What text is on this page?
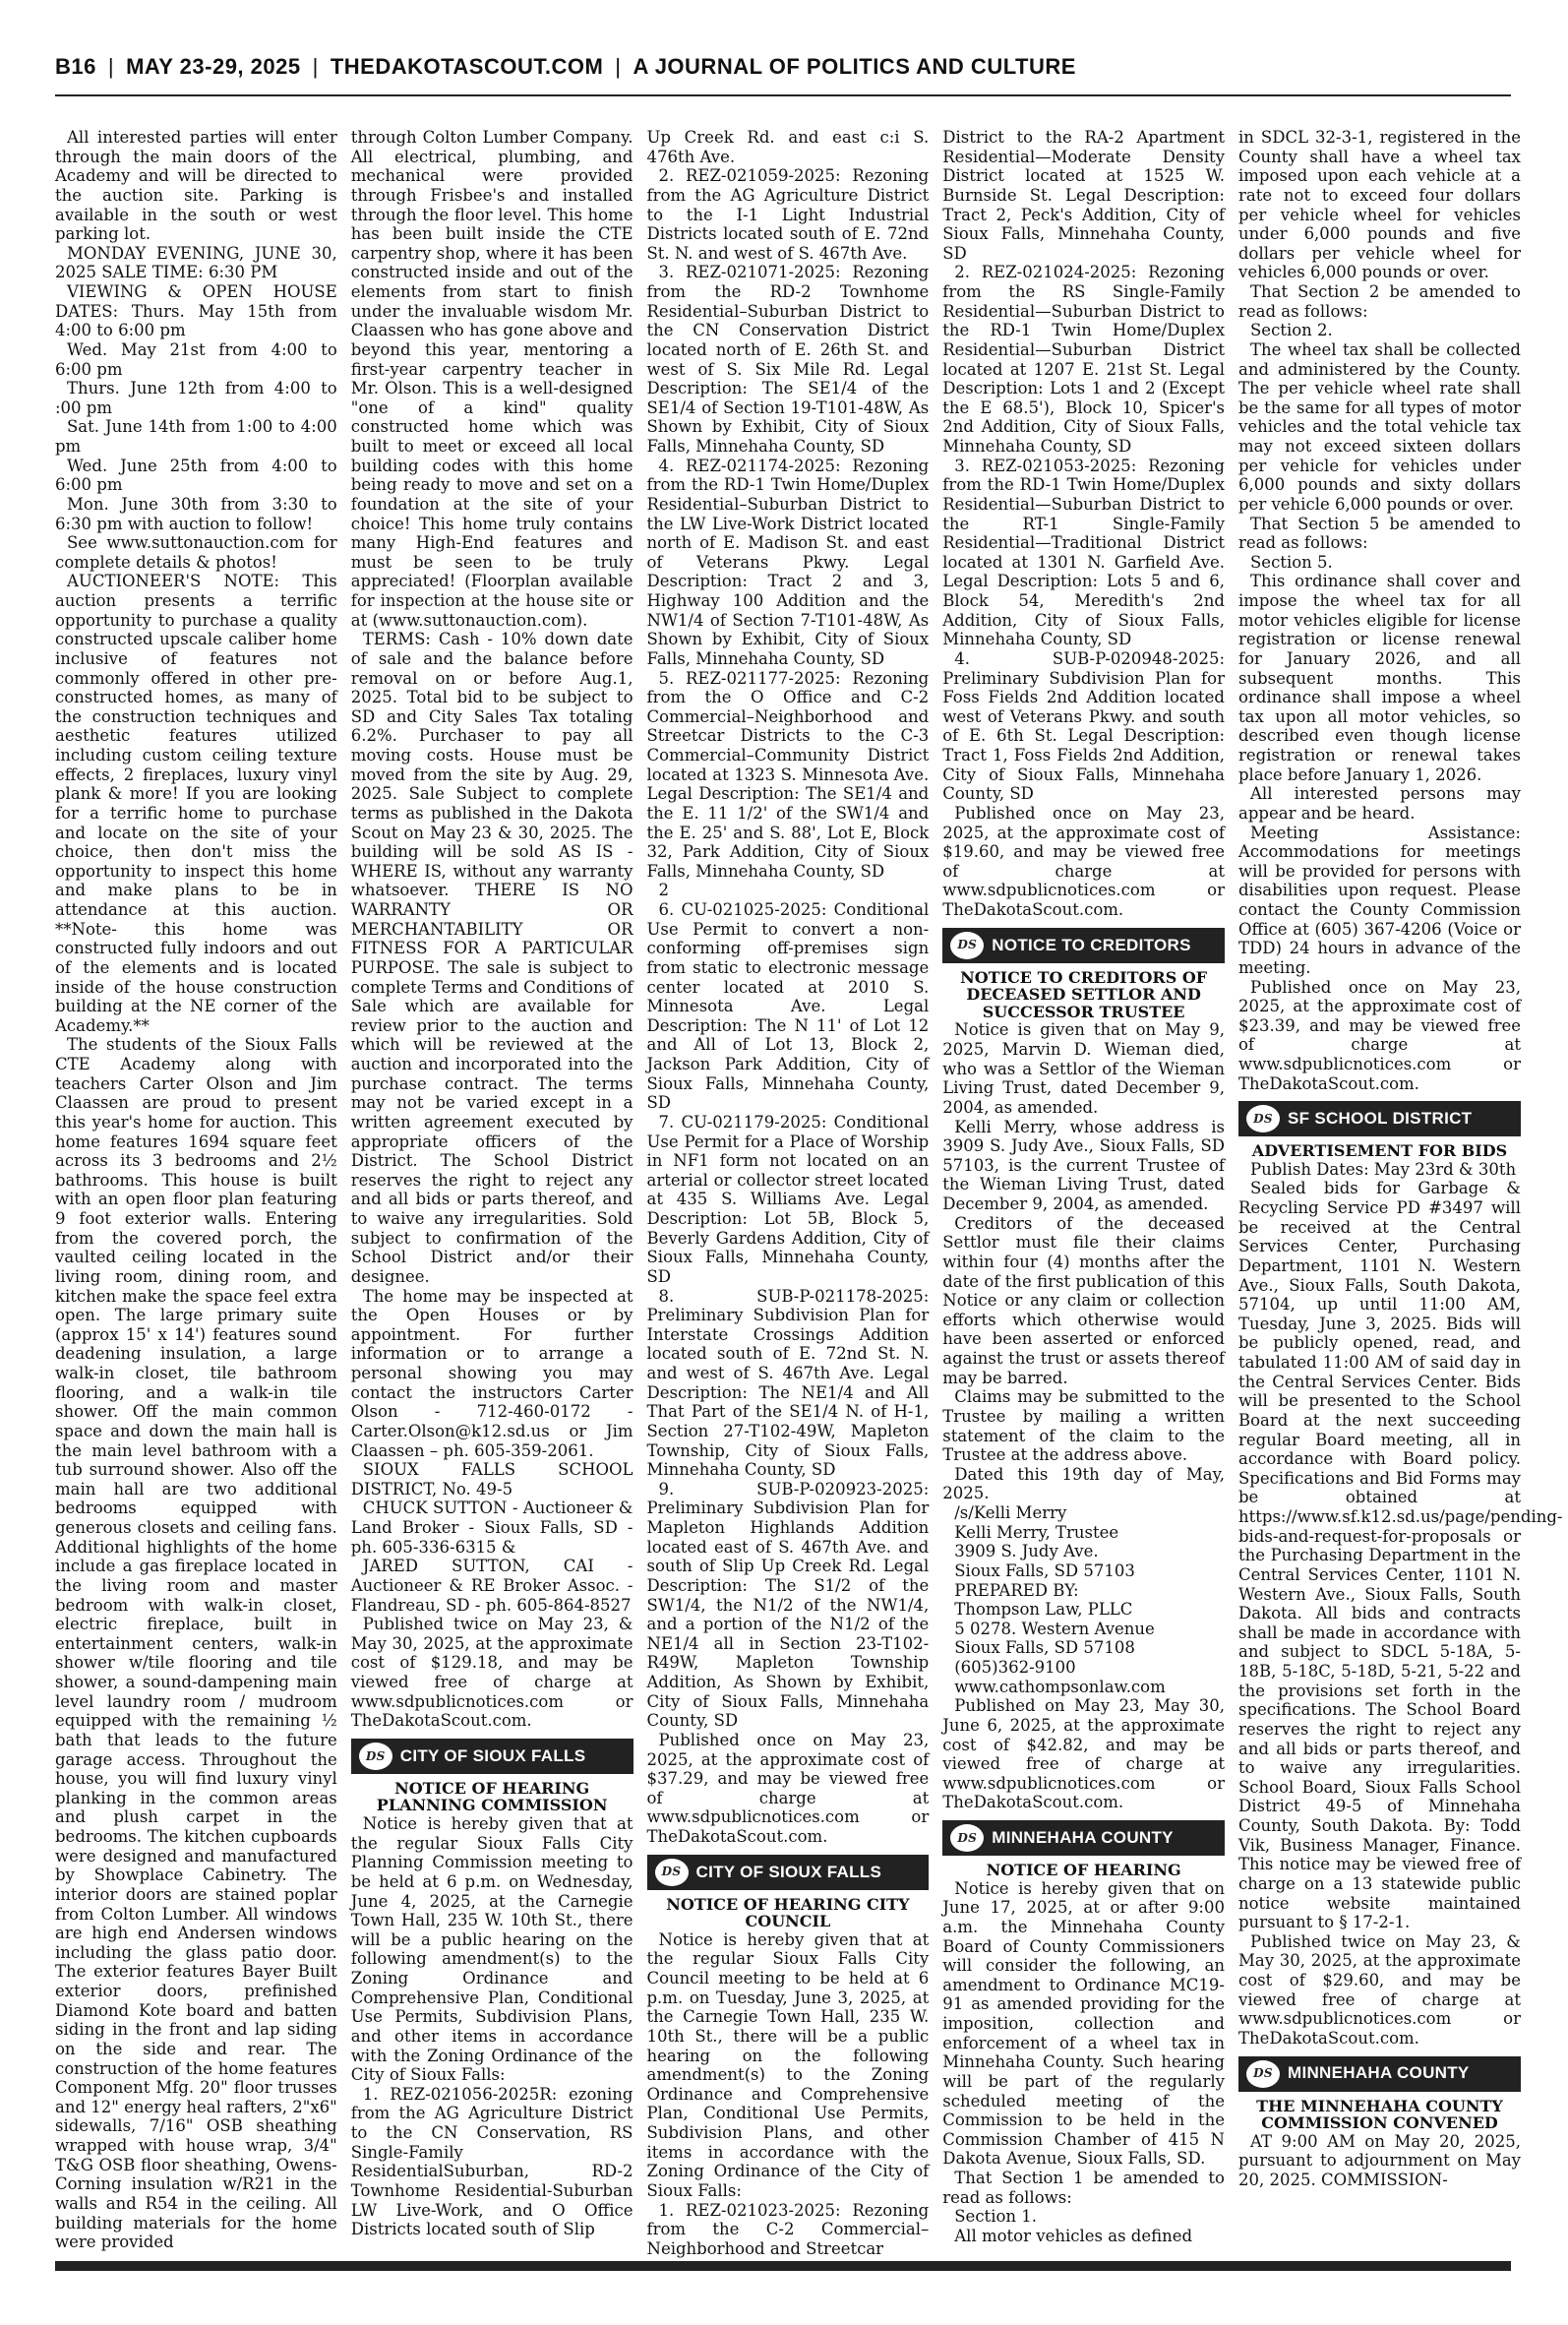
B16 | MAY 23-29, 2025 | THEDAKOTASCOUT.COM | A JOURNAL OF POLITICS AND CULTURE

All interested parties will enter through the main doors of the Academy and will be directed to the auction site. Parking is available in the south or west parking lot.

MONDAY EVENING, JUNE 30, 2025 SALE TIME: 6:30 PM

VIEWING & OPEN HOUSE DATES: Thurs. May 15th from 4:00 to 6:00 pm

Wed. May 21st from 4:00 to 6:00 pm

Thurs. June 12th from 4:00 to :00 pm

Sat. June 14th from 1:00 to 4:00 pm

Wed. June 25th from 4:00 to 6:00 pm

Mon. June 30th from 3:30 to 6:30 pm with auction to follow!

See www.suttonauction.com for complete details & photos!

AUCTIONEER'S NOTE: This auction presents a terrific opportunity to purchase a quality constructed upscale caliber home inclusive of features not commonly offered in other pre-constructed homes, as many of the construction techniques and aesthetic features utilized including custom ceiling texture effects, 2 fireplaces, luxury vinyl plank & more! If you are looking for a terrific home to purchase and locate on the site of your choice, then don't miss the opportunity to inspect this home and make plans to be in attendance at this auction. **Note- this home was constructed fully indoors and out of the elements and is located inside of the house construction building at the NE corner of the Academy.**

The students of the Sioux Falls CTE Academy along with teachers Carter Olson and Jim Claassen are proud to present this year's home for auction. This home features 1694 square feet across its 3 bedrooms and 2½ bathrooms. This house is built with an open floor plan featuring 9 foot exterior walls. Entering from the covered porch, the vaulted ceiling located in the living room, dining room, and kitchen make the space feel extra open. The large primary suite (approx 15' x 14') features sound deadening insulation, a large walk-in closet, tile bathroom flooring, and a walk-in tile shower. Off the main common space and down the main hall is the main level bathroom with a tub surround shower. Also off the main hall are two additional bedrooms equipped with generous closets and ceiling fans. Additional highlights of the home include a gas fireplace located in the living room and master bedroom with walk-in closet, electric fireplace, built in entertainment centers, walk-in shower w/tile flooring and tile shower, a sound-dampening main level laundry room / mudroom equipped with the remaining ½ bath that leads to the future garage access. Throughout the house, you will find luxury vinyl planking in the common areas and plush carpet in the bedrooms. The kitchen cupboards were designed and manufactured by Showplace Cabinetry. The interior doors are stained poplar from Colton Lumber. All windows are high end Andersen windows including the glass patio door. The exterior features Bayer Built exterior doors, prefinished Diamond Kote board and batten siding in the front and lap siding on the side and rear. The construction of the home features Component Mfg. 20" floor trusses and 12" energy heal rafters, 2"x6" sidewalls, 7/16" OSB sheathing wrapped with house wrap, 3/4" T&G OSB floor sheathing, Owens-Corning insulation w/R21 in the walls and R54 in the ceiling. All building materials for the home were provided

through Colton Lumber Company. All electrical, plumbing, and mechanical were provided through Frisbee's and installed through the floor level. This home has been built inside the CTE carpentry shop, where it has been constructed inside and out of the elements from start to finish under the invaluable wisdom Mr. Claassen who has gone above and beyond this year, mentoring a first-year carpentry teacher in Mr. Olson. This is a well-designed "one of a kind" quality constructed home which was built to meet or exceed all local building codes with this home being ready to move and set on a foundation at the site of your choice! This home truly contains many High-End features and must be seen to be truly appreciated! (Floorplan available for inspection at the house site or at (www.suttonauction.com).

TERMS: Cash - 10% down date of sale and the balance before removal on or before Aug.1, 2025. Total bid to be subject to SD and City Sales Tax totaling 6.2%. Purchaser to pay all moving costs. House must be moved from the site by Aug. 29, 2025. Sale Subject to complete terms as published in the Dakota Scout on May 23 & 30, 2025. The building will be sold AS IS - WHERE IS, without any warranty whatsoever. THERE IS NO WARRANTY OR MERCHANTABILITY OR FITNESS FOR A PARTICULAR PURPOSE. The sale is subject to complete Terms and Conditions of Sale which are available for review prior to the auction and which will be reviewed at the auction and incorporated into the purchase contract. The terms may not be varied except in a written agreement executed by appropriate officers of the District. The School District reserves the right to reject any and all bids or parts thereof, and to waive any irregularities. Sold subject to confirmation of the School District and/or their designee.

The home may be inspected at the Open Houses or by appointment. For further information or to arrange a personal showing you may contact the instructors Carter Olson - 712-460-0172 - Carter.Olson@k12.sd.us or Jim Claassen – ph. 605-359-2061.

SIOUX FALLS SCHOOL DISTRICT, No. 49-5

CHUCK SUTTON - Auctioneer & Land Broker - Sioux Falls, SD - ph. 605-336-6315 &

JARED SUTTON, CAI - Auctioneer & RE Broker Assoc. - Flandreau, SD - ph. 605-864-8527

Published twice on May 23, & May 30, 2025, at the approximate cost of $129.18, and may be viewed free of charge at www.sdpublicnotices.com or TheDakotaScout.com.

DS CITY OF SIOUX FALLS

NOTICE OF HEARING PLANNING COMMISSION

Notice is hereby given that at the regular Sioux Falls City Planning Commission meeting to be held at 6 p.m. on Wednesday, June 4, 2025, at the Carnegie Town Hall, 235 W. 10th St., there will be a public hearing on the following amendment(s) to the Zoning Ordinance and Comprehensive Plan, Conditional Use Permits, Subdivision Plans, and other items in accordance with the Zoning Ordinance of the City of Sioux Falls:

1. REZ-021056-2025R: ezoning from the AG Agriculture District to the CN Conservation, RS Single-Family ResidentialSuburban, RD-2 Townhome Residential-Suburban LW Live-Work, and O Office Districts located south of Slip

Up Creek Rd. and east c:i S. 476th Ave.

2. REZ-021059-2025: Rezoning from the AG Agriculture District to the I-1 Light Industrial Districts located south of E. 72nd St. N. and west of S. 467th Ave.

3. REZ-021071-2025: Rezoning from the RD-2 Townhome Residential–Suburban District to the CN Conservation District located north of E. 26th St. and west of S. Six Mile Rd. Legal Description: The SE1/4 of the SE1/4 of Section 19-T101-48W, As Shown by Exhibit, City of Sioux Falls, Minnehaha County, SD

4. REZ-021174-2025: Rezoning from the RD-1 Twin Home/Duplex Residential–Suburban District to the LW Live-Work District located north of E. Madison St. and east of Veterans Pkwy. Legal Description: Tract 2 and 3, Highway 100 Addition and the NW1/4 of Section 7-T101-48W, As Shown by Exhibit, City of Sioux Falls, Minnehaha County, SD

5. REZ-021177-2025: Rezoning from the O Office and C-2 Commercial–Neighborhood and Streetcar Districts to the C-3 Commercial–Community District located at 1323 S. Minnesota Ave. Legal Description: The SE1/4 and the E. 11 1/2' of the SW1/4 and the E. 25' and S. 88', Lot E, Block 32, Park Addition, City of Sioux Falls, Minnehaha County, SD

2

6. CU-021025-2025: Conditional Use Permit to convert a non-conforming off-premises sign from static to electronic message center located at 2010 S. Minnesota Ave. Legal Description: The N 11' of Lot 12 and All of Lot 13, Block 2, Jackson Park Addition, City of Sioux Falls, Minnehaha County, SD

7. CU-021179-2025: Conditional Use Permit for a Place of Worship in NF1 form not located on an arterial or collector street located at 435 S. Williams Ave. Legal Description: Lot 5B, Block 5, Beverly Gardens Addition, City of Sioux Falls, Minnehaha County, SD

8. SUB-P-021178-2025: Preliminary Subdivision Plan for Interstate Crossings Addition located south of E. 72nd St. N. and west of S. 467th Ave. Legal Description: The NE1/4 and All That Part of the SE1/4 N. of H-1, Section 27-T102-49W, Mapleton Township, City of Sioux Falls, Minnehaha County, SD

9. SUB-P-020923-2025: Preliminary Subdivision Plan for Mapleton Highlands Addition located east of S. 467th Ave. and south of Slip Up Creek Rd. Legal Description: The S1/2 of the SW1/4, the N1/2 of the NW1/4, and a portion of the N1/2 of the NE1/4 all in Section 23-T102-R49W, Mapleton Township Addition, As Shown by Exhibit, City of Sioux Falls, Minnehaha County, SD

Published once on May 23, 2025, at the approximate cost of $37.29, and may be viewed free of charge at www.sdpublicnotices.com or TheDakotaScout.com.

DS CITY OF SIOUX FALLS

NOTICE OF HEARING CITY COUNCIL

Notice is hereby given that at the regular Sioux Falls City Council meeting to be held at 6 p.m. on Tuesday, June 3, 2025, at the Carnegie Town Hall, 235 W. 10th St., there will be a public hearing on the following amendment(s) to the Zoning Ordinance and Comprehensive Plan, Conditional Use Permits, Subdivision Plans, and other items in accordance with the Zoning Ordinance of the City of Sioux Falls:

1. REZ-021023-2025: Rezoning from the C-2 Commercial–Neighborhood and Streetcar

District to the RA-2 Apartment Residential—Moderate Density District located at 1525 W. Burnside St. Legal Description: Tract 2, Peck's Addition, City of Sioux Falls, Minnehaha County, SD

2. REZ-021024-2025: Rezoning from the RS Single-Family Residential—Suburban District to the RD-1 Twin Home/Duplex Residential—Suburban District located at 1207 E. 21st St. Legal Description: Lots 1 and 2 (Except the E 68.5'), Block 10, Spicer's 2nd Addition, City of Sioux Falls, Minnehaha County, SD

3. REZ-021053-2025: Rezoning from the RD-1 Twin Home/Duplex Residential—Suburban District to the RT-1 Single-Family Residential—Traditional District located at 1301 N. Garfield Ave. Legal Description: Lots 5 and 6, Block 54, Meredith's 2nd Addition, City of Sioux Falls, Minnehaha County, SD

4. SUB-P-020948-2025: Preliminary Subdivision Plan for Foss Fields 2nd Addition located west of Veterans Pkwy. and south of E. 6th St. Legal Description: Tract 1, Foss Fields 2nd Addition, City of Sioux Falls, Minnehaha County, SD

Published once on May 23, 2025, at the approximate cost of $19.60, and may be viewed free of charge at www.sdpublicnotices.com or TheDakotaScout.com.

DS NOTICE TO CREDITORS

NOTICE TO CREDITORS OF DECEASED SETTLOR AND SUCCESSOR TRUSTEE

Notice is given that on May 9, 2025, Marvin D. Wieman died, who was a Settlor of the Wieman Living Trust, dated December 9, 2004, as amended.

Kelli Merry, whose address is 3909 S. Judy Ave., Sioux Falls, SD 57103, is the current Trustee of the Wieman Living Trust, dated December 9, 2004, as amended.

Creditors of the deceased Settlor must file their claims within four (4) months after the date of the first publication of this Notice or any claim or collection efforts which otherwise would have been asserted or enforced against the trust or assets thereof may be barred.

Claims may be submitted to the Trustee by mailing a written statement of the claim to the Trustee at the address above.

Dated this 19th day of May, 2025.

/s/Kelli Merry

Kelli Merry, Trustee

3909 S. Judy Ave.

Sioux Falls, SD 57103

PREPARED BY:

Thompson Law, PLLC

5 0278. Western Avenue

Sioux Falls, SD 57108

(605)362-9100

www.cathompsonlaw.com

Published on May 23, May 30, June 6, 2025, at the approximate cost of $42.82, and may be viewed free of charge at www.sdpublicnotices.com or TheDakotaScout.com.

DS MINNEHAHA COUNTY

NOTICE OF HEARING

Notice is hereby given that on June 17, 2025, at or after 9:00 a.m. the Minnehaha County Board of County Commissioners will consider the following, an amendment to Ordinance MC19-91 as amended providing for the imposition, collection and enforcement of a wheel tax in Minnehaha County. Such hearing will be part of the regularly scheduled meeting of the Commission to be held in the Commission Chamber of 415 N Dakota Avenue, Sioux Falls, SD.

That Section 1 be amended to read as follows:

Section 1.

All motor vehicles as defined

in SDCL 32-3-1, registered in the County shall have a wheel tax imposed upon each vehicle at a rate not to exceed four dollars per vehicle wheel for vehicles under 6,000 pounds and five dollars per vehicle wheel for vehicles 6,000 pounds or over.

That Section 2 be amended to read as follows:

Section 2.

The wheel tax shall be collected and administered by the County. The per vehicle wheel rate shall be the same for all types of motor vehicles and the total vehicle tax may not exceed sixteen dollars per vehicle for vehicles under 6,000 pounds and sixty dollars per vehicle 6,000 pounds or over.

That Section 5 be amended to read as follows:

Section 5.

This ordinance shall cover and impose the wheel tax for all motor vehicles eligible for license registration or license renewal for January 2026, and all subsequent months. This ordinance shall impose a wheel tax upon all motor vehicles, so described even though license registration or renewal takes place before January 1, 2026.

All interested persons may appear and be heard.

Meeting Assistance: Accommodations for meetings will be provided for persons with disabilities upon request. Please contact the County Commission Office at (605) 367-4206 (Voice or TDD) 24 hours in advance of the meeting.

Published once on May 23, 2025, at the approximate cost of $23.39, and may be viewed free of charge at www.sdpublicnotices.com or TheDakotaScout.com.

DS SF SCHOOL DISTRICT

ADVERTISEMENT FOR BIDS

Publish Dates: May 23rd & 30th

Sealed bids for Garbage & Recycling Service PD #3497 will be received at the Central Services Center, Purchasing Department, 1101 N. Western Ave., Sioux Falls, South Dakota, 57104, up until 11:00 AM, Tuesday, June 3, 2025. Bids will be publicly opened, read, and tabulated 11:00 AM of said day in the Central Services Center. Bids will be presented to the School Board at the next succeeding regular Board meeting, all in accordance with Board policy. Specifications and Bid Forms may be obtained at https://www.sf.k12.sd.us/page/pending-bids-and-request-for-proposals or the Purchasing Department in the Central Services Center, 1101 N. Western Ave., Sioux Falls, South Dakota. All bids and contracts shall be made in accordance with and subject to SDCL 5-18A, 5-18B, 5-18C, 5-18D, 5-21, 5-22 and the provisions set forth in the specifications. The School Board reserves the right to reject any and all bids or parts thereof, and to waive any irregularities. School Board, Sioux Falls School District 49-5 of Minnehaha County, South Dakota. By: Todd Vik, Business Manager, Finance. This notice may be viewed free of charge on a 13 statewide public notice website maintained pursuant to § 17-2-1.

Published twice on May 23, & May 30, 2025, at the approximate cost of $29.60, and may be viewed free of charge at www.sdpublicnotices.com or TheDakotaScout.com.

DS MINNEHAHA COUNTY

THE MINNEHAHA COUNTY COMMISSION CONVENED

AT 9:00 AM on May 20, 2025, pursuant to adjournment on May 20, 2025. COMMISSION-
